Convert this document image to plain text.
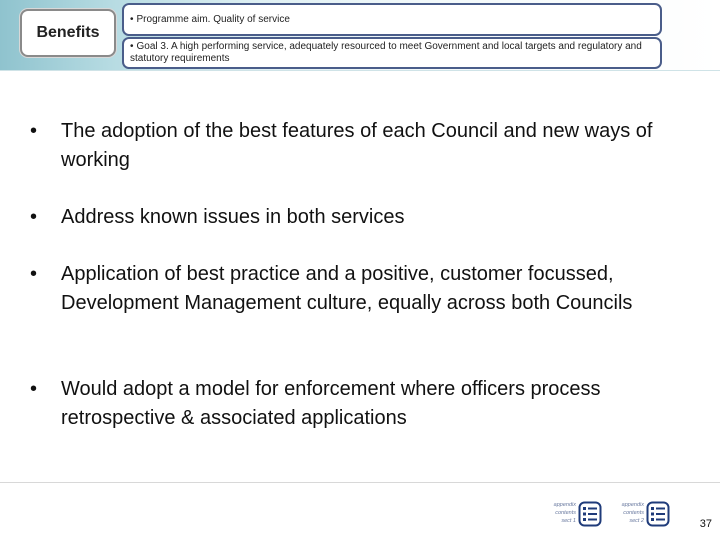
Benefits
• Programme aim. Quality of service
• Goal 3. A high performing service, adequately resourced to meet Government and local targets and regulatory and statutory requirements
• The adoption of the best features of each Council and new ways of working
• Address known issues in both services
• Application of best practice and a positive, customer focussed, Development Management culture, equally across both Councils
• Would adopt a model for enforcement where officers process retrospective & associated applications
appendix
contents
sect 1
appendix
contents
sect 2	37
